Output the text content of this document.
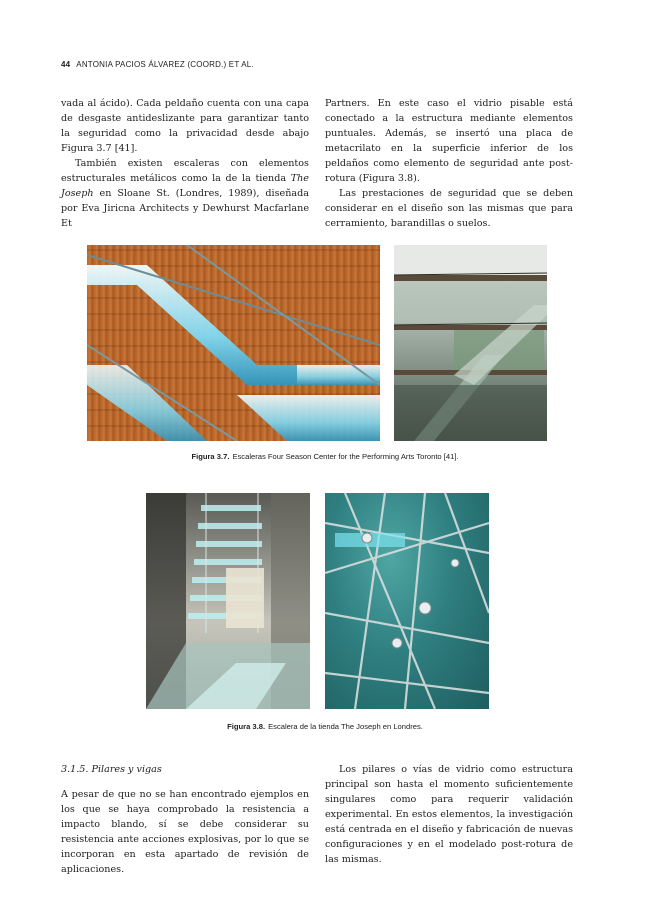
44 ANTONIA PACIOS ÁLVAREZ (COORD.) ET AL.

vada al ácido). Cada peldaño cuenta con una capa de desgaste antideslizante para garantizar tanto la seguridad como la privacidad desde abajo Figura 3.7 [41].

También existen escaleras con elementos estructurales metálicos como la de la tienda The Joseph en Sloane St. (Londres, 1989), diseñada por Eva Jiricna Architects y Dewhurst Macfarlane Et

Partners. En este caso el vidrio pisable está conectado a la estructura mediante elementos puntuales. Además, se insertó una placa de metacrilato en la superficie inferior de los peldaños como elemento de seguridad ante post-rotura (Figura 3.8).

Las prestaciones de seguridad que se deben considerar en el diseño son las mismas que para cerramiento, barandillas o suelos.

Figura 3.7. Escaleras Four Season Center for the Performing Arts Toronto [41].
Figura 3.8. Escalera de la tienda The Joseph en Londres.

3.1.5. Pilares y vigas

A pesar de que no se han encontrado ejemplos en los que se haya comprobado la resistencia a impacto blando, sí se debe considerar su resistencia ante acciones explosivas, por lo que se incorporan en esta apartado de revisión de aplicaciones.

Los pilares o vías de vidrio como estructura principal son hasta el momento suficientemente singulares como para requerir validación experimental. En estos elementos, la investigación está centrada en el diseño y fabricación de nuevas configuraciones y en el modelado post-rotura de las mismas.
